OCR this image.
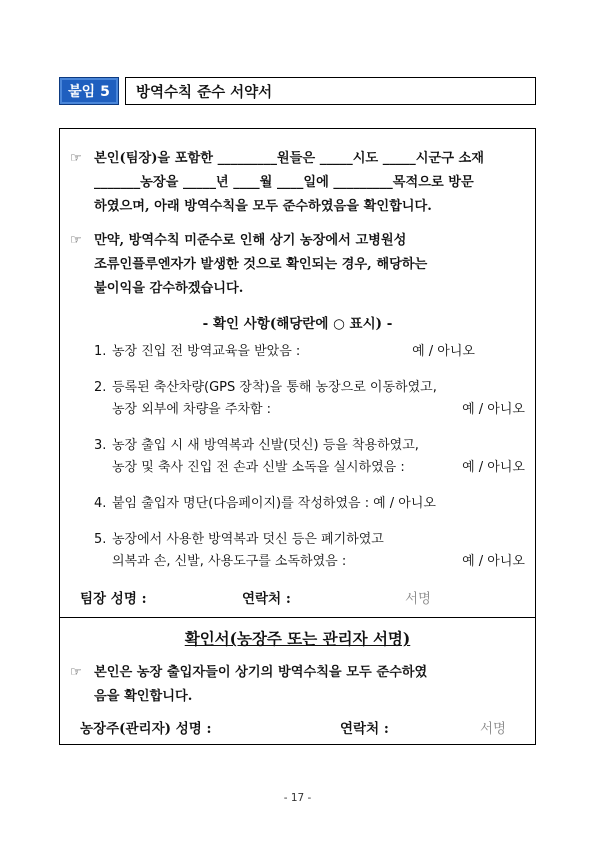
붙임 5	방역수칙 준수 서약서
☞ 본인(팀장)을 포함한 _________원들은 _____시도 _____시군구 소재
_______농장을 _____년 ____월 ____일에 _________목적으로 방문
하였으며, 아래 방역수칙을 모두 준수하였음을 확인합니다.
☞ 만약, 방역수칙 미준수로 인해 상기 농장에서 고병원성
조류인플루엔자가 발생한 것으로 확인되는 경우, 해당하는
불이익을 감수하겠습니다.
- 확인 사항(해당란에 ○ 표시) -
1. 농장 진입 전 방역교육을 받았음 :	예 / 아니오
2. 등록된 축산차량(GPS 장착)을 통해 농장으로 이동하였고,
농장 외부에 차량을 주차함 :	예 / 아니오
3. 농장 출입 시 새 방역복과 신발(덧신) 등을 착용하였고,
농장 및 축사 진입 전 손과 신발 소독을 실시하였음 :	예 / 아니오
4. 붙임 출입자 명단(다음페이지)를 작성하였음 : 예 / 아니오
5. 농장에서 사용한 방역복과 덧신 등은 폐기하였고
의복과 손, 신발, 사용도구를 소독하였음 :	예 / 아니오
팀장 성명 :	연락처 :	서명
확인서(농장주 또는 관리자 서명)
☞ 본인은 농장 출입자들이 상기의 방역수칙을 모두 준수하였
음을 확인합니다.
농장주(관리자) 성명 :	연락처 :	서명
- 17 -
